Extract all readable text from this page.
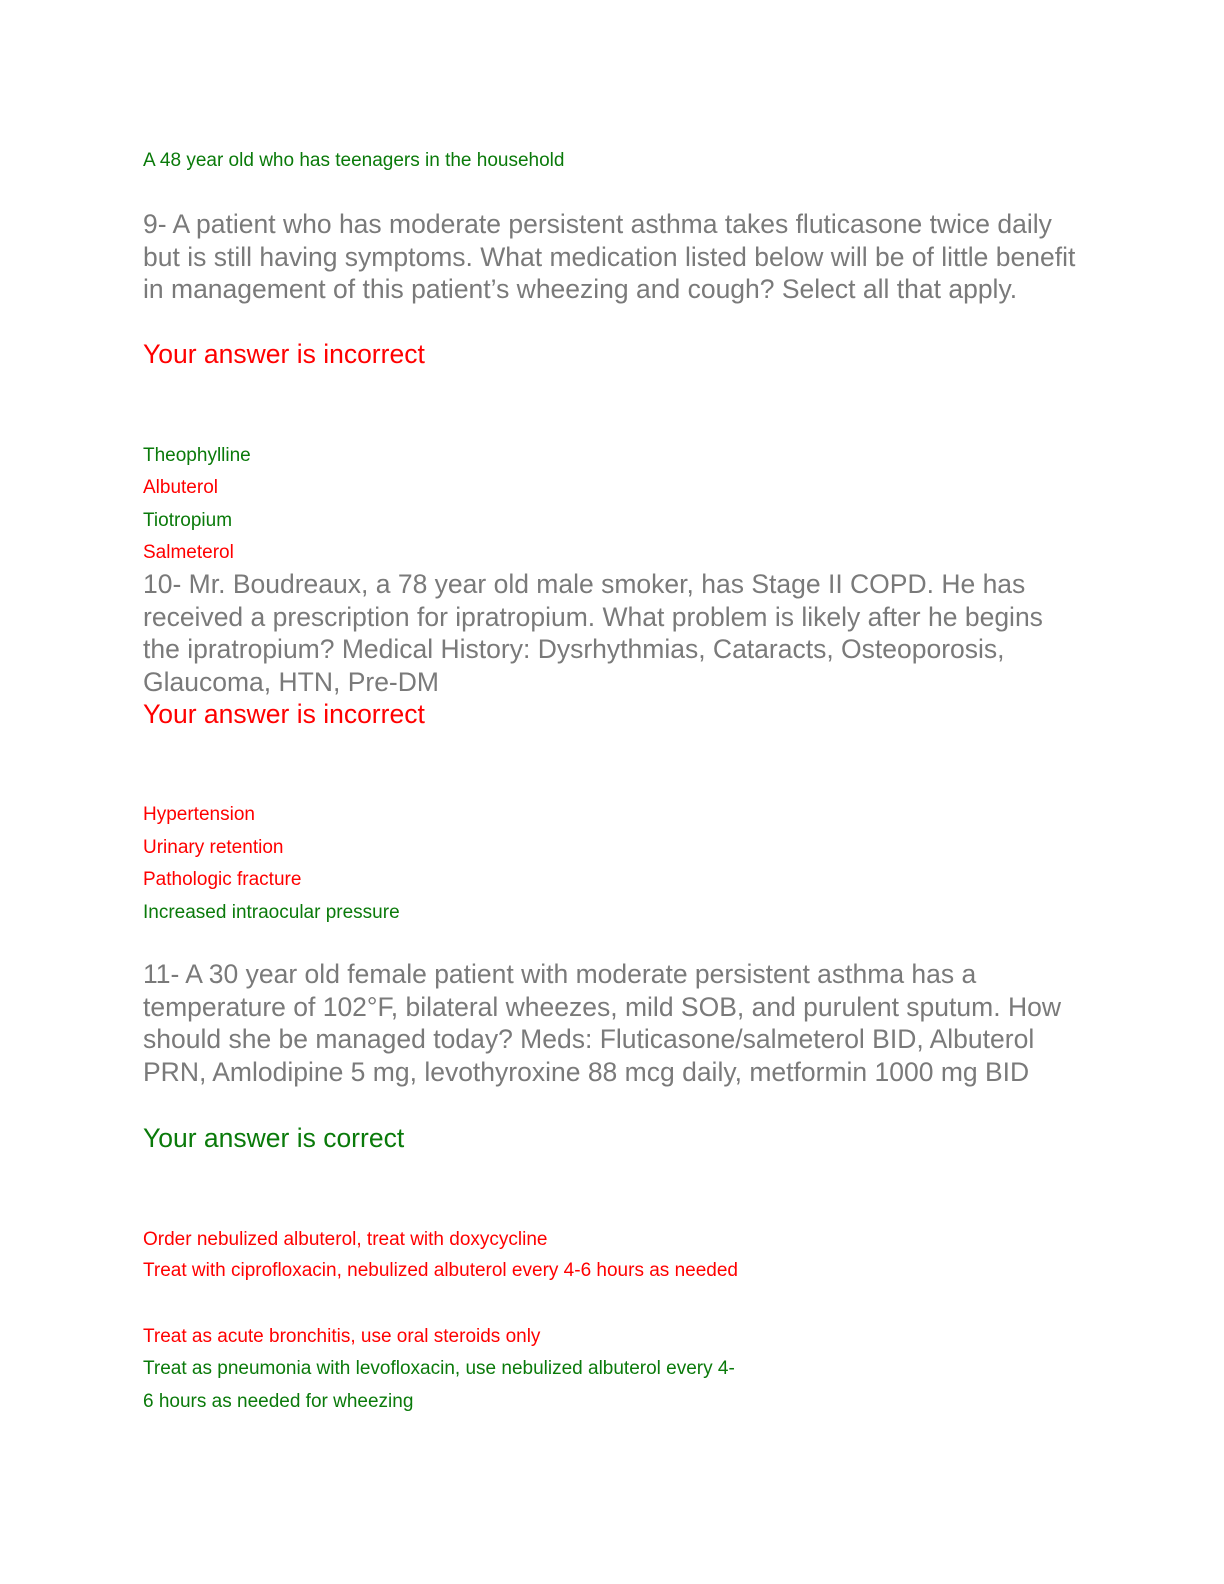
A 48 year old who has teenagers in the household

9- A patient who has moderate persistent asthma takes fluticasone twice daily but is still having symptoms. What medication listed below will be of little benefit in management of this patient’s wheezing and cough? Select all that apply.

Your answer is incorrect

Theophylline

Albuterol

Tiotropium

Salmeterol

10- Mr. Boudreaux, a 78 year old male smoker, has Stage II COPD. He has received a prescription for ipratropium. What problem is likely after he begins the ipratropium? Medical History: Dysrhythmias, Cataracts, Osteoporosis, Glaucoma, HTN, Pre-DM

Your answer is incorrect

Hypertension

Urinary retention

Pathologic fracture

Increased intraocular pressure

11- A 30 year old female patient with moderate persistent asthma has a temperature of 102°F, bilateral wheezes, mild SOB, and purulent sputum. How should she be managed today? Meds: Fluticasone/salmeterol BID, Albuterol PRN, Amlodipine 5 mg, levothyroxine 88 mcg daily, metformin 1000 mg BID

Your answer is correct

Order nebulized albuterol, treat with doxycycline

Treat with ciprofloxacin, nebulized albuterol every 4-6 hours as needed

Treat as acute bronchitis, use oral steroids only

Treat as pneumonia with levofloxacin, use nebulized albuterol every 4-6 hours as needed for wheezing
